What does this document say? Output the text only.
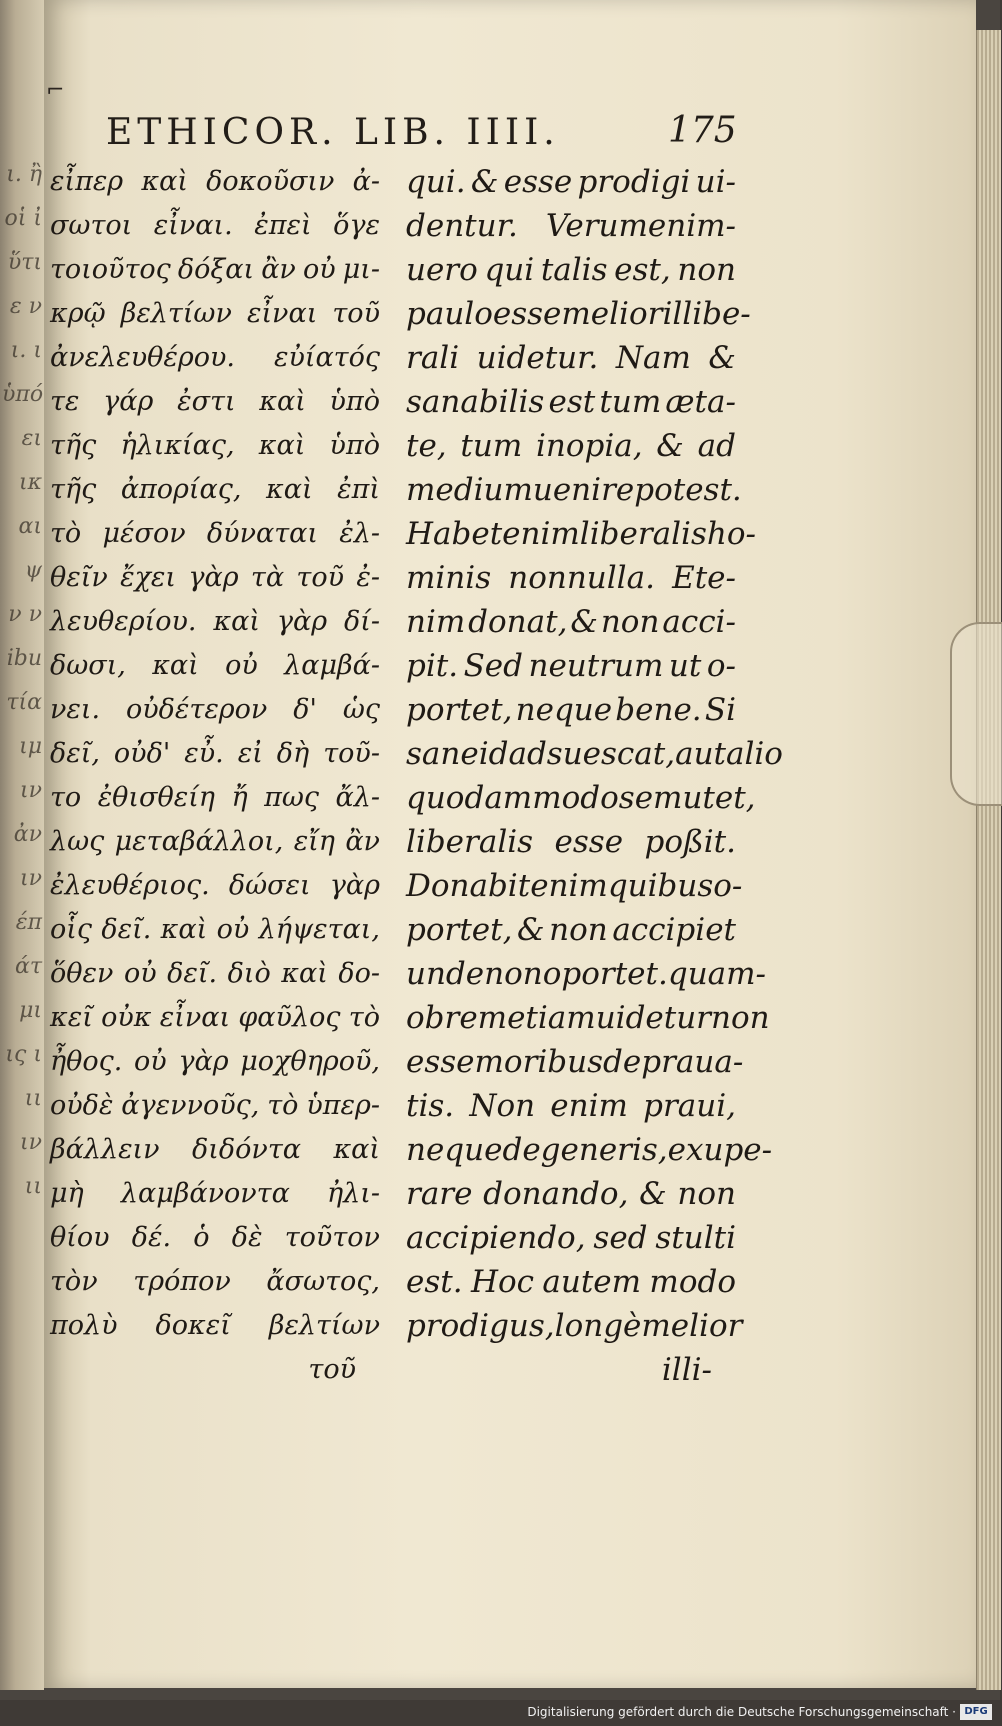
ι. ἢ
οἱ ἰ
ὕτι
ε ν
ι. ι
ὑπό
ει
ικ
αι
ψ
ν ν
ibu
τία
ιμ
ιν
ἀν
ιν
έπ
άτ
μι
ις ι
ιι
ιν
ιι
⌐
ETHICOR. LIB. IIII.	175
εἶπερ καὶ δοκοῦσιν ἀ-
σωτοι εἶναι. ἐπεὶ ὅγε
τοιοῦτος δόξαι ἂν οὐ μι-
κρῷ βελτίων εἶναι τοῦ
ἀνελευθέρου. εὐίατός
τε γάρ ἐστι καὶ ὑπὸ
τῆς ἡλικίας, καὶ ὑπὸ
τῆς ἀπορίας, καὶ ἐπὶ
τὸ μέσον δύναται ἐλ-
θεῖν ἔχει γὰρ τὰ τοῦ ἐ-
λευθερίου. καὶ γὰρ δί-
δωσι, καὶ οὐ λαμβά-
νει. οὐδέτερον δ' ὡς
δεῖ, οὐδ' εὖ. εἰ δὴ τοῦ-
το ἐθισθείη ἤ πως ἄλ-
λως μεταβάλλοι, εἴη ἂν
ἐλευθέριος. δώσει γὰρ
οἷς δεῖ. καὶ οὐ λήψεται,
ὅθεν οὐ δεῖ. διὸ καὶ δο-
κεῖ οὐκ εἶναι φαῦλος τὸ
ἦθος. οὐ γὰρ μοχθηροῦ,
οὐδὲ ἀγεννοῦς, τὸ ὑπερ-
βάλλειν διδόντα καὶ
μὴ λαμβάνοντα ἠλι-
θίου δέ. ὁ δὲ τοῦτον
τὸν τρόπον ἄσωτος,
πολὺ δοκεῖ βελτίων
τοῦ
qui. & esse prodigi ui-
dentur. Verumenim-
uero qui talis est, non
paulo esse melior illibe-
rali uidetur. Nam &
sanabilis est tum æta-
te, tum inopia, & ad
medium uenire potest.
Habet enim liberalis ho-
minis nonnulla. Ete-
nim donat, & non acci-
pit. Sed neutrum ut o-
portet, neque bene. Si
sane id adsuescat, aut alio
quodam modo se mutet,
liberalis esse poßit.
Donabit enim quibus o-
portet, & non accipiet
unde non oportet. quam-
obrem etiam uidetur non
esse moribus deprauа-
tis. Non enim praui,
neque degeneris, exupe-
rare donando, & non
accipiendo, sed stulti
est. Hoc autem modo
prodigus, longè melior
illi-
Digitalisierung gefördert durch die Deutsche Forschungsgemeinschaft · DFG
